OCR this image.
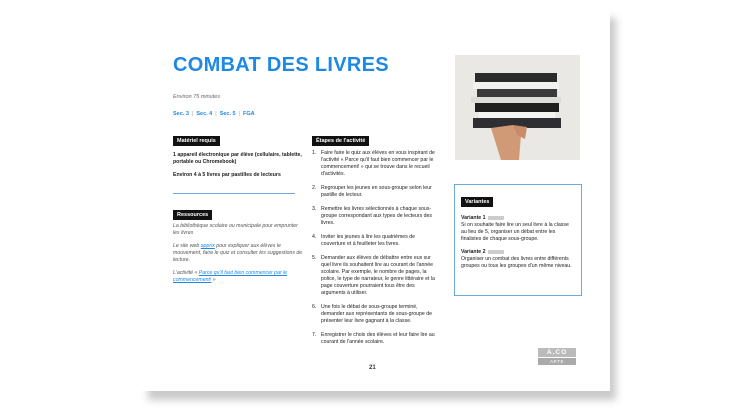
COMBAT DES LIVRES
Environ 75 minutes
Sec. 3 | Sec. 4 | Sec. 5 | FGA
Matériel requis

1 appareil électronique par élève (cellulaire, tablette, portable ou Chromebook)

Environ 4 à 5 livres par pastilles de lecteurs

Ressources

La bibliothèque scolaire ou municipale pour emprunter les livres

Le site web apprix pour expliquer aux élèves le mouvement, faire le quiz et consulter les suggestions de lecture.

L'activité « Parce qu'il faut bien commencer par le commencement! »

Étapes de l'activité
1. Faire faire le quiz aux élèves en vous inspirant de l'activité « Parce qu'il faut bien commencer par le commencement! » qui se trouve dans le recueil d'activités.
2. Regrouper les jeunes en sous-groupe selon leur pastille de lecteur.
3. Remettre les livres sélectionnés à chaque sous-groupe correspondant aux types de lecteurs des livres.
4. Inviter les jeunes à lire les quatrièmes de couverture et à feuilleter les livres.
5. Demander aux élèves de débattre entre eux sur quel livre ils souhaitent lire au courant de l'année scolaire. Par exemple, le nombre de pages, la police, le type de narrateur, le genre littéraire et la page couverture pourraient tous être des arguments à utiliser.
6. Une fois le débat de sous-groupe terminé, demander aux représentants de sous-groupe de présenter leur livre gagnant à la classe.
7. Enregistrer le choix des élèves et leur faire lire au courant de l'année scolaire.
Variantes
Variante 1

Si on souhaite faire lire un seul livre à la classe au lieu de 5, organiser un débat entre les finalistes de chaque sous-groupe.

Variante 2

Organiser un combat des livres entre différents groupes ou tous les groupes d'un même niveau.

A.CO
ARTE
21
